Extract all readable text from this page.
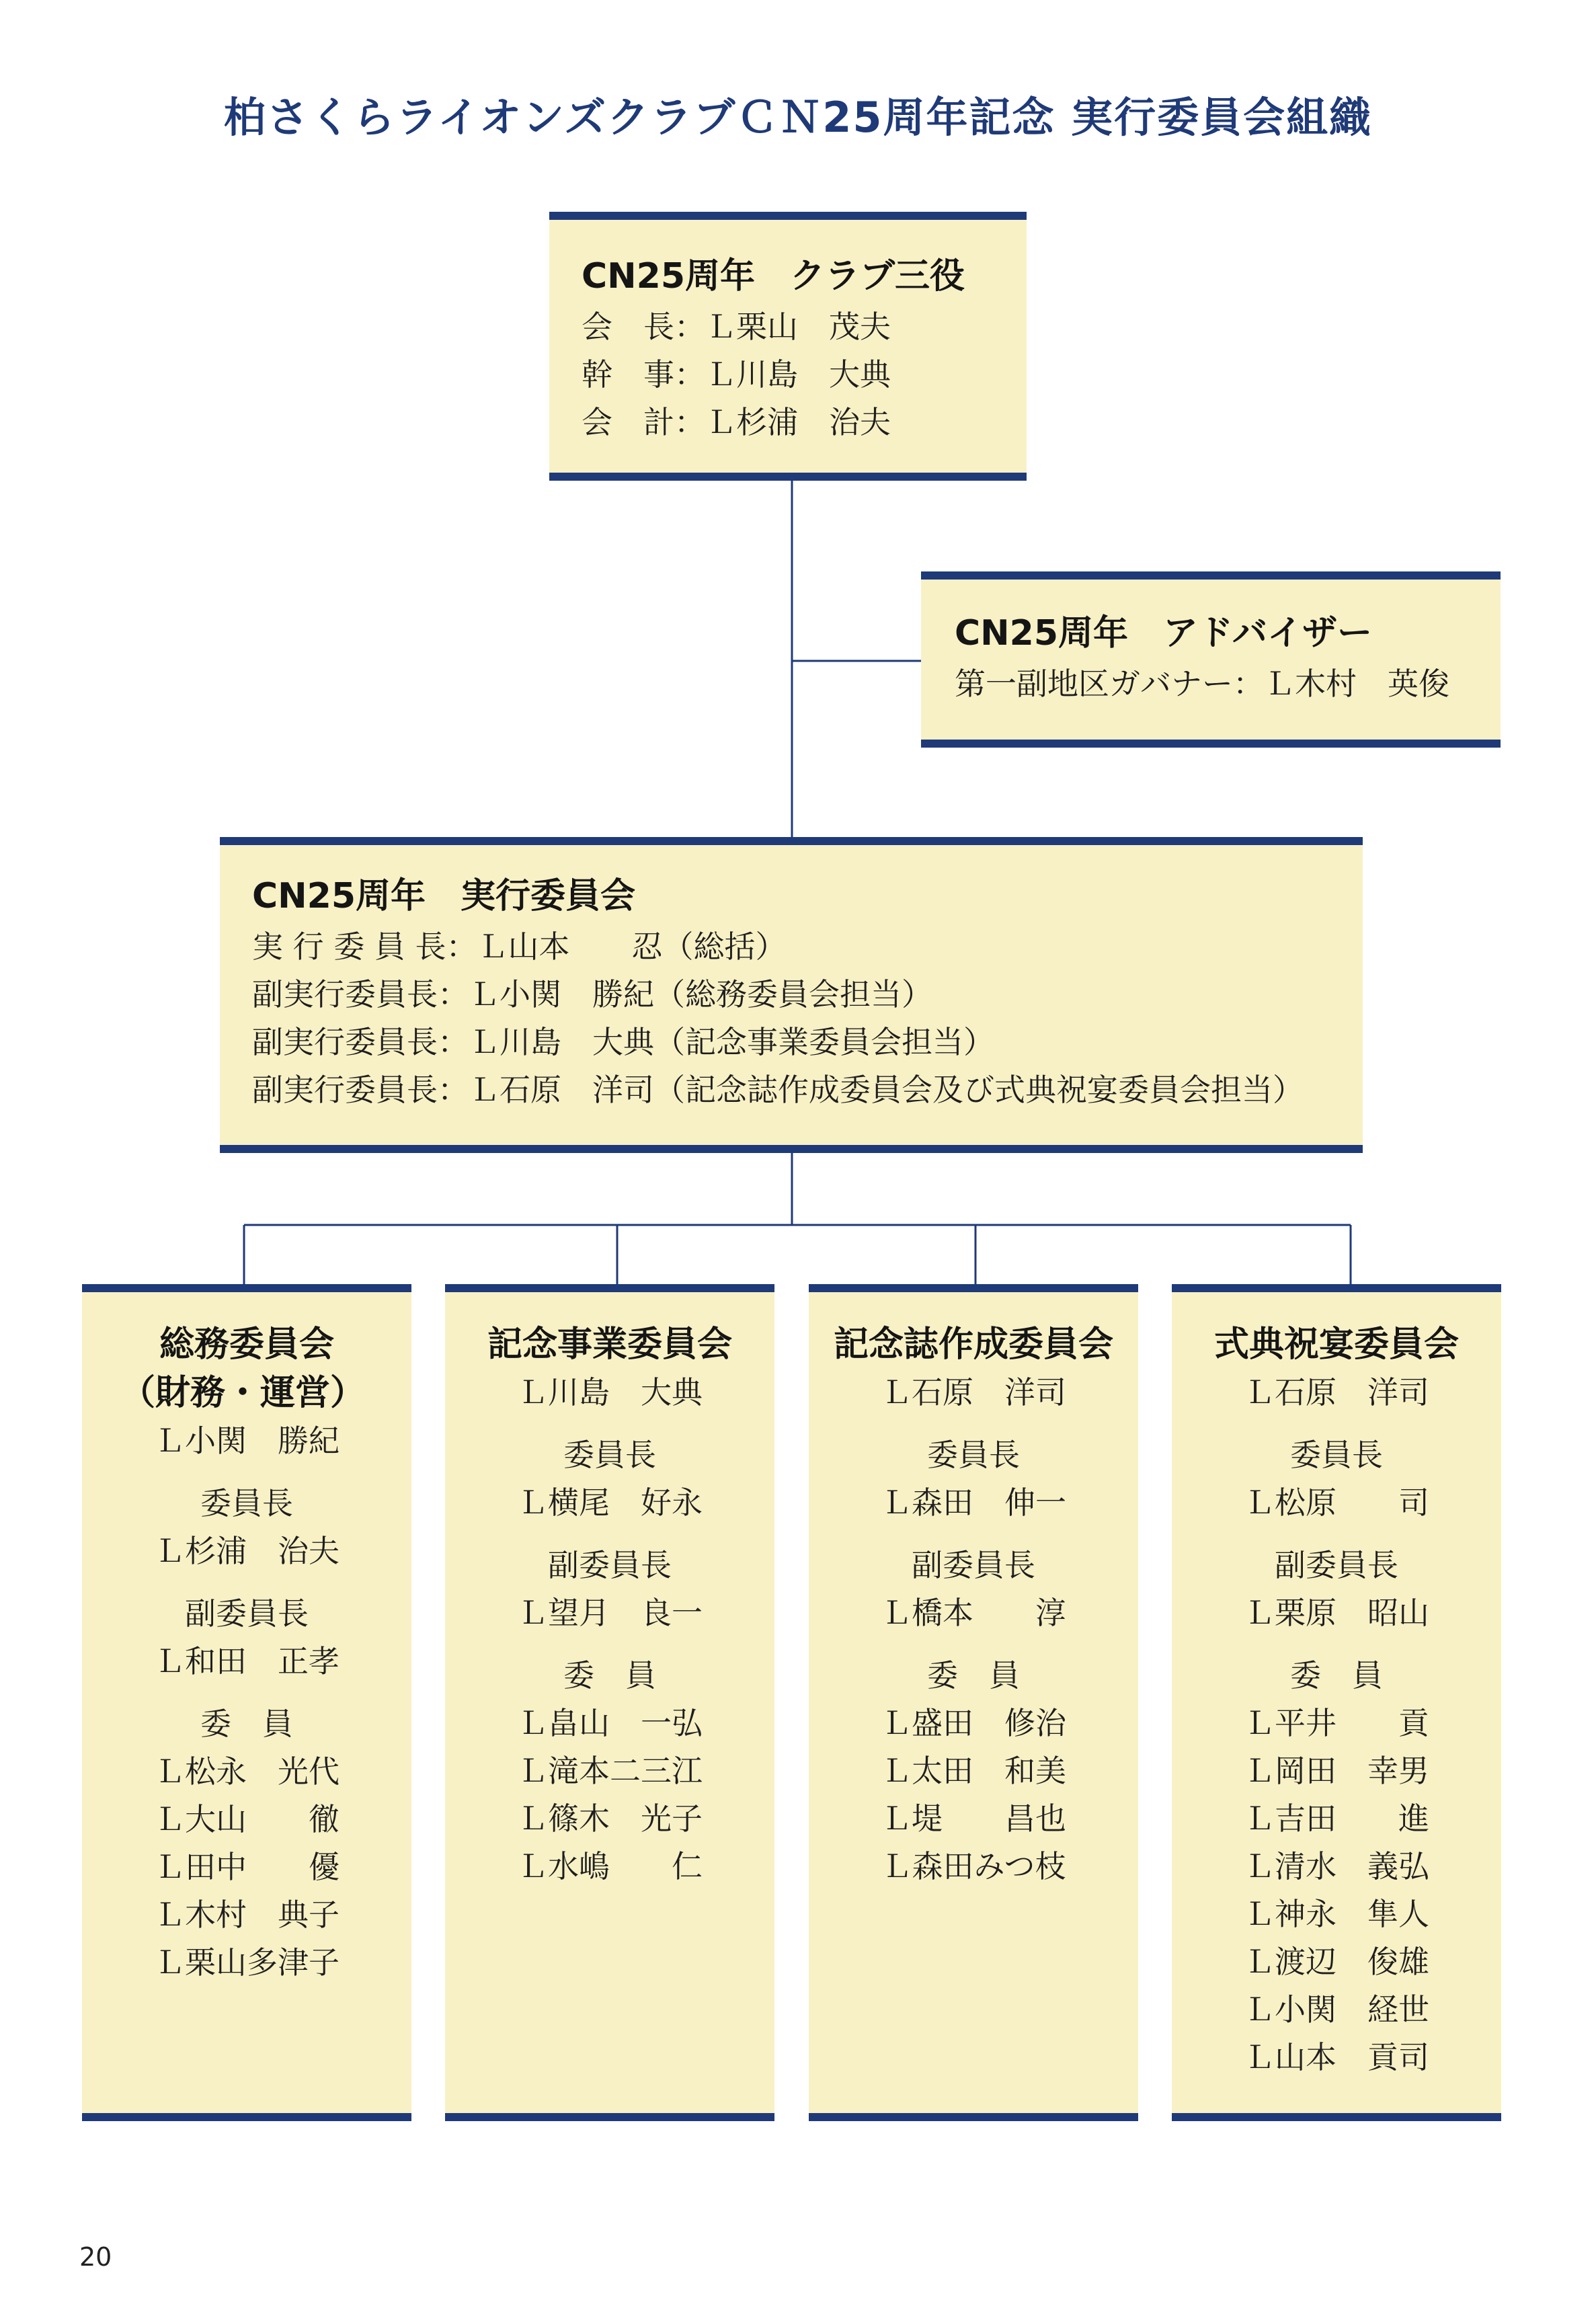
柏さくらライオンズクラブＣＮ25周年記念 実行委員会組織
CN25周年　クラブ三役
会　長：Ｌ栗山　茂夫
幹　事：Ｌ川島　大典
会　計：Ｌ杉浦　治夫
CN25周年　アドバイザー
第一副地区ガバナー：Ｌ木村　英俊
CN25周年　実行委員会
実 行 委 員 長：Ｌ山本　　忍（総括）
副実行委員長：Ｌ小関　勝紀（総務委員会担当）
副実行委員長：Ｌ川島　大典（記念事業委員会担当）
副実行委員長：Ｌ石原　洋司（記念誌作成委員会及び式典祝宴委員会担当）
総務委員会
（財務・運営）
Ｌ小関　勝紀
委員長
Ｌ杉浦　治夫
副委員長
Ｌ和田　正孝
委　員
Ｌ松永　光代
Ｌ大山　　徹
Ｌ田中　　優
Ｌ木村　典子
Ｌ栗山多津子
記念事業委員会
Ｌ川島　大典
委員長
Ｌ横尾　好永
副委員長
Ｌ望月　良一
委　員
Ｌ畠山　一弘
Ｌ滝本二三江
Ｌ篠木　光子
Ｌ水嶋　　仁
記念誌作成委員会
Ｌ石原　洋司
委員長
Ｌ森田　伸一
副委員長
Ｌ橋本　　淳
委　員
Ｌ盛田　修治
Ｌ太田　和美
Ｌ堤　　昌也
Ｌ森田みつ枝
式典祝宴委員会
Ｌ石原　洋司
委員長
Ｌ松原　　司
副委員長
Ｌ栗原　昭山
委　員
Ｌ平井　　貢
Ｌ岡田　幸男
Ｌ吉田　　進
Ｌ清水　義弘
Ｌ神永　隼人
Ｌ渡辺　俊雄
Ｌ小関　経世
Ｌ山本　貢司
20
